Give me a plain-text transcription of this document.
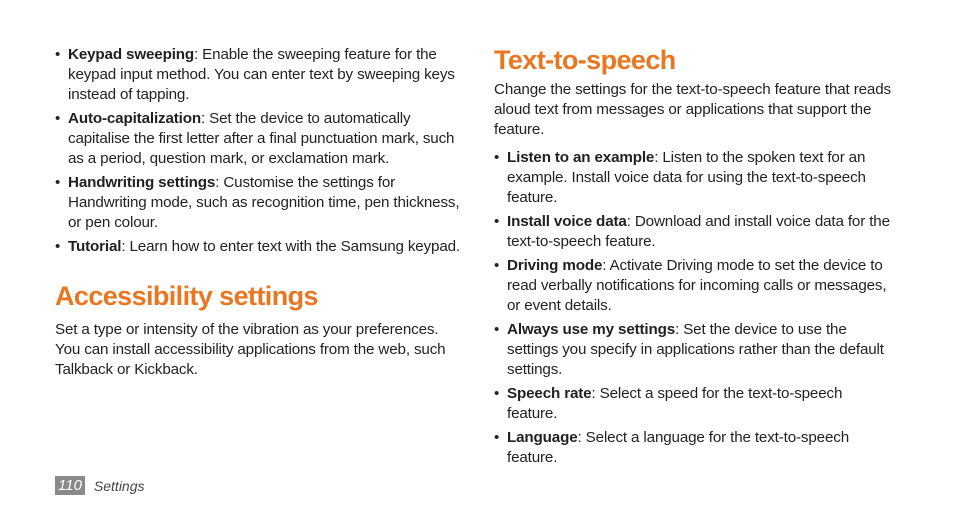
• Keypad sweeping: Enable the sweeping feature for the keypad input method. You can enter text by sweeping keys instead of tapping.
• Auto-capitalization: Set the device to automatically capitalise the first letter after a final punctuation mark, such as a period, question mark, or exclamation mark.
• Handwriting settings: Customise the settings for Handwriting mode, such as recognition time, pen thickness, or pen colour.
• Tutorial: Learn how to enter text with the Samsung keypad.
Accessibility settings

Set a type or intensity of the vibration as your preferences. You can install accessibility applications from the web, such Talkback or Kickback.

Text-to-speech

Change the settings for the text-to-speech feature that reads aloud text from messages or applications that support the feature.

• Listen to an example: Listen to the spoken text for an example. Install voice data for using the text-to-speech feature.
• Install voice data: Download and install voice data for the text-to-speech feature.
• Driving mode: Activate Driving mode to set the device to read verbally notifications for incoming calls or messages, or event details.
• Always use my settings: Set the device to use the settings you specify in applications rather than the default settings.
• Speech rate: Select a speed for the text-to-speech feature.
• Language: Select a language for the text-to-speech feature.
110 Settings
